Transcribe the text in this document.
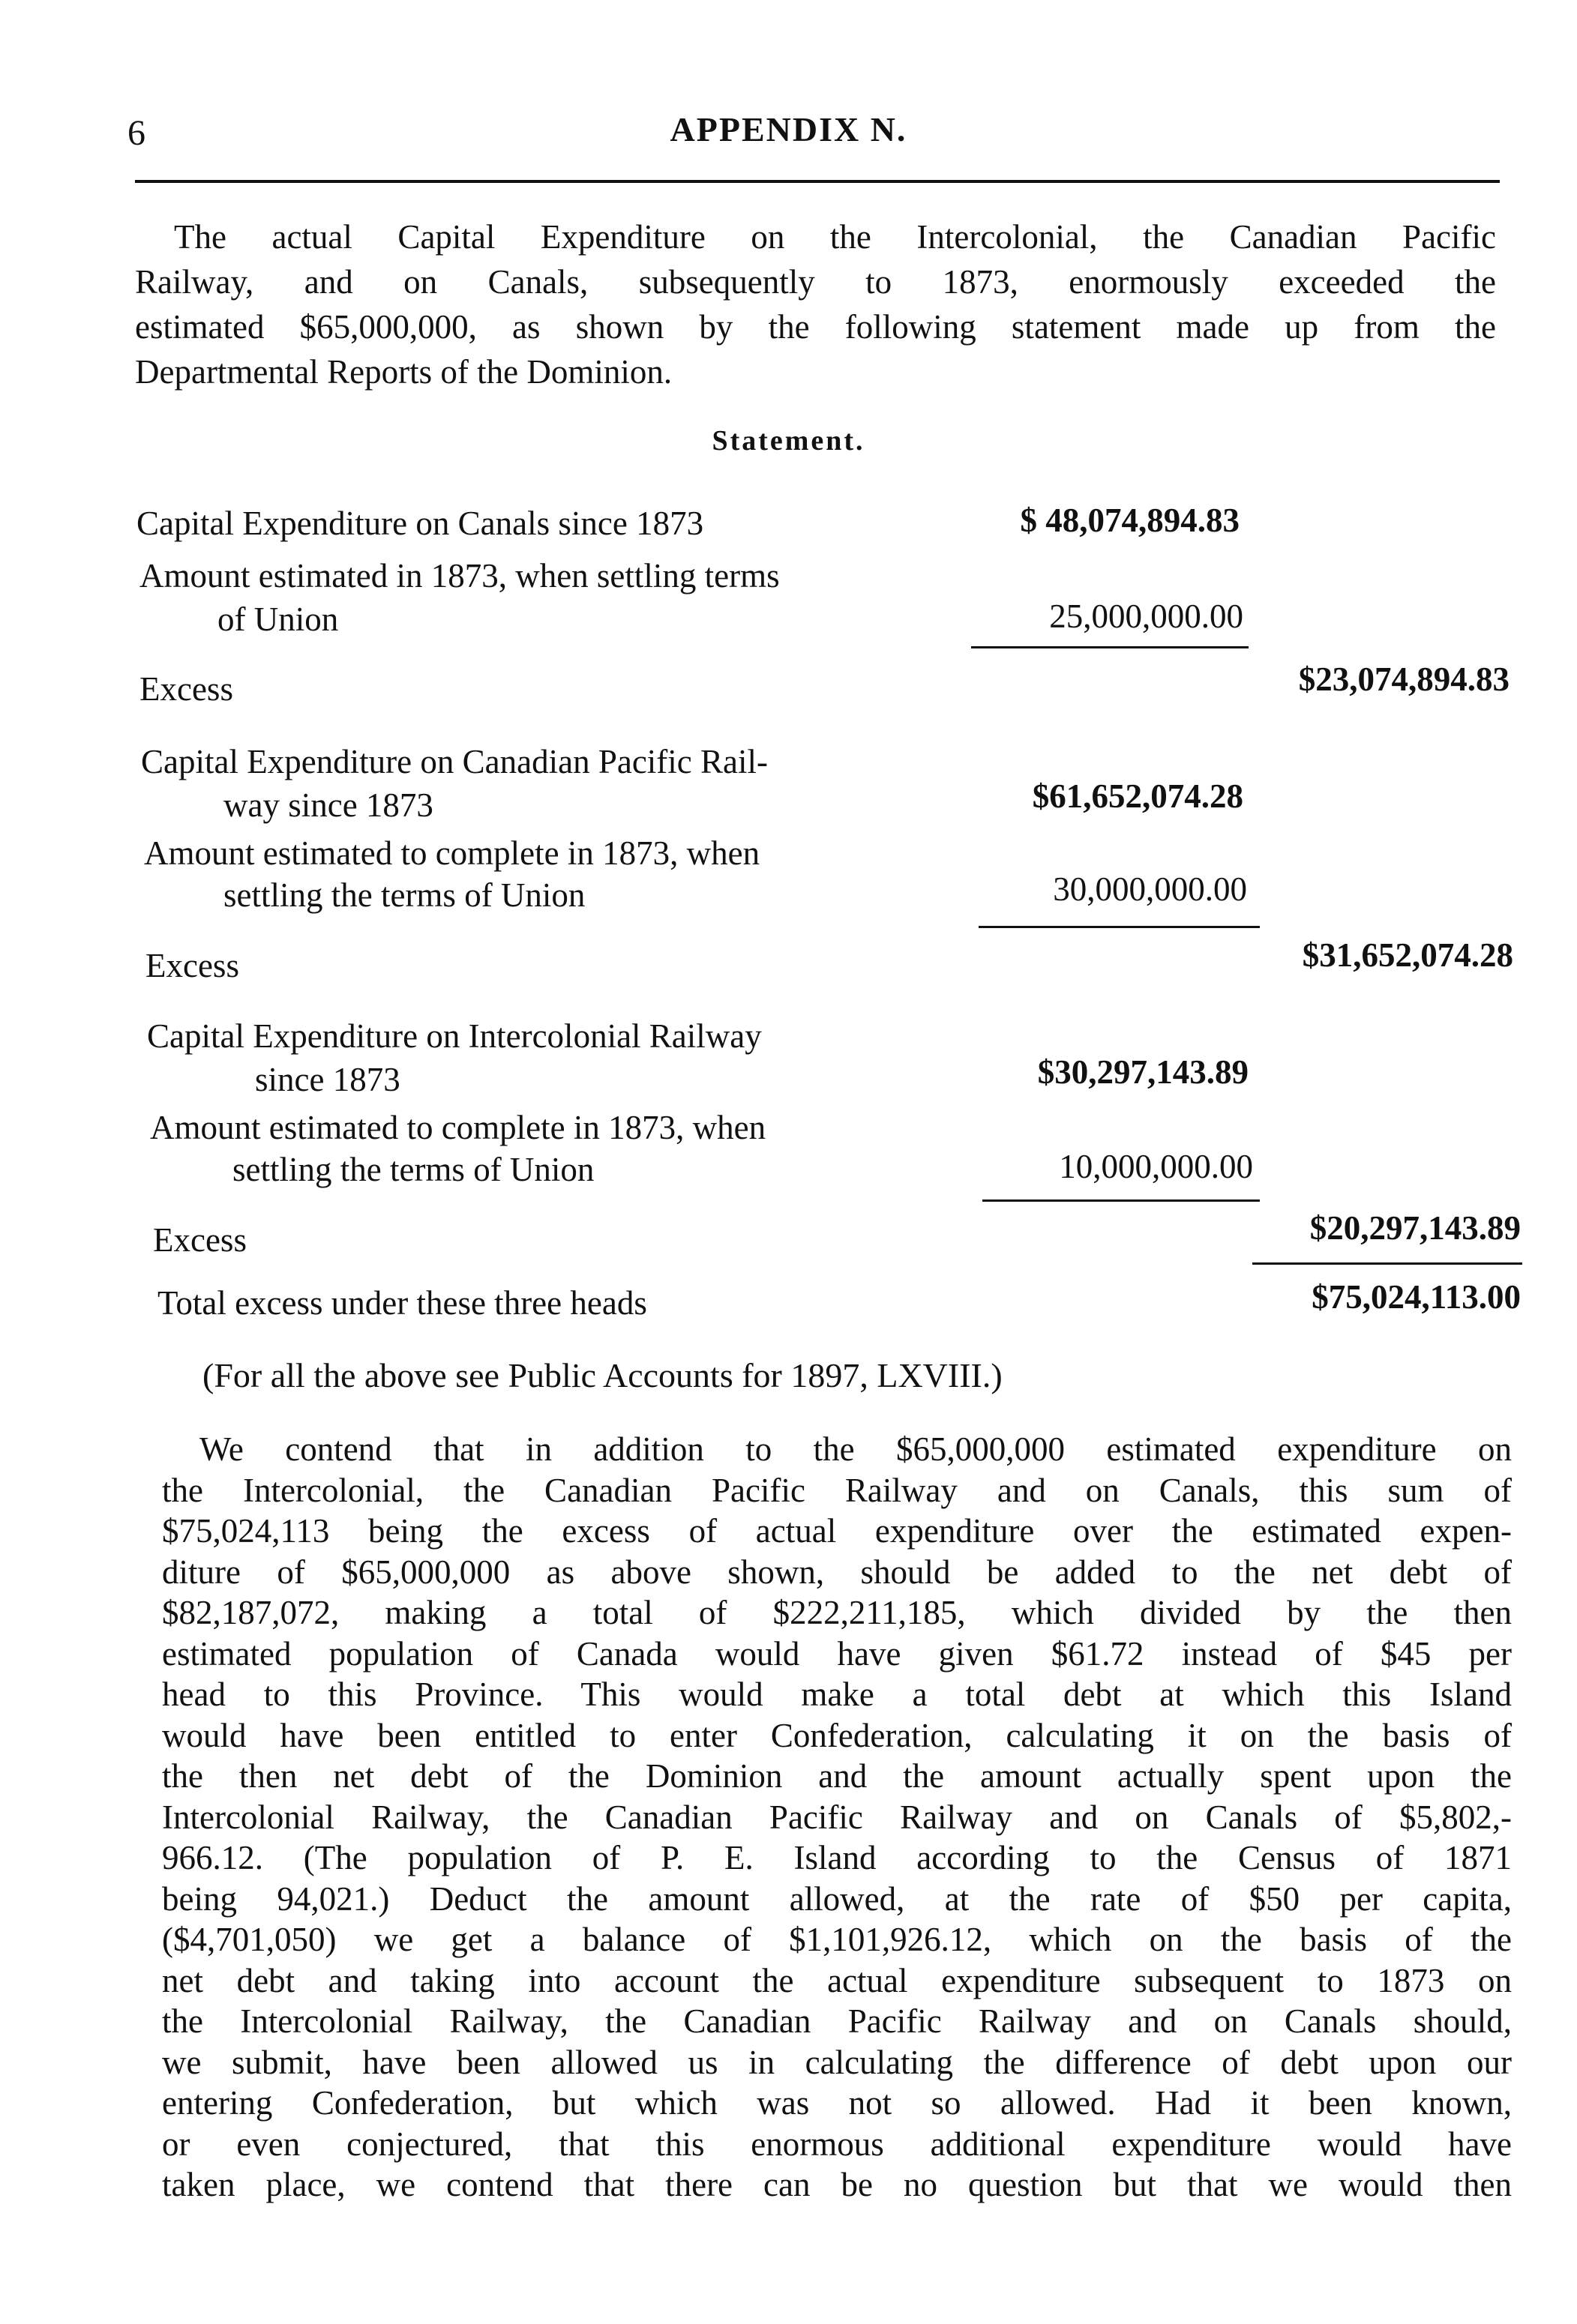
6	APPENDIX N.
The actual Capital Expenditure on the Intercolonial, the Canadian Pacific
Railway, and on Canals, subsequently to 1873, enormously exceeded the
estimated $65,000,000, as shown by the following statement made up from the
Departmental Reports of the Dominion.
Statement.
Capital Expenditure on Canals since 1873	$ 48,074,894.83
Amount estimated in 1873, when settling terms
of Union	25,000,000.00
Excess	$23,074,894.83
Capital Expenditure on Canadian Pacific Rail-
way since 1873	$61,652,074.28
Amount estimated to complete in 1873, when
settling the terms of Union	30,000,000.00
Excess	$31,652,074.28
Capital Expenditure on Intercolonial Railway
since 1873	$30,297,143.89
Amount estimated to complete in 1873, when
settling the terms of Union	10,000,000.00
Excess	$20,297,143.89
Total excess under these three heads	$75,024,113.00
(For all the above see Public Accounts for 1897, LXVIII.)
We contend that in addition to the $65,000,000 estimated expenditure on
the Intercolonial, the Canadian Pacific Railway and on Canals, this sum of
$75,024,113 being the excess of actual expenditure over the estimated expen-
diture of $65,000,000 as above shown, should be added to the net debt of
$82,187,072, making a total of $222,211,185, which divided by the then
estimated population of Canada would have given $61.72 instead of $45 per
head to this Province. This would make a total debt at which this Island
would have been entitled to enter Confederation, calculating it on the basis of
the then net debt of the Dominion and the amount actually spent upon the
Intercolonial Railway, the Canadian Pacific Railway and on Canals of $5,802,-
966.12. (The population of P. E. Island according to the Census of 1871
being 94,021.) Deduct the amount allowed, at the rate of $50 per capita,
($4,701,050) we get a balance of $1,101,926.12, which on the basis of the
net debt and taking into account the actual expenditure subsequent to 1873 on
the Intercolonial Railway, the Canadian Pacific Railway and on Canals should,
we submit, have been allowed us in calculating the difference of debt upon our
entering Confederation, but which was not so allowed. Had it been known,
or even conjectured, that this enormous additional expenditure would have
taken place, we contend that there can be no question but that we would then
